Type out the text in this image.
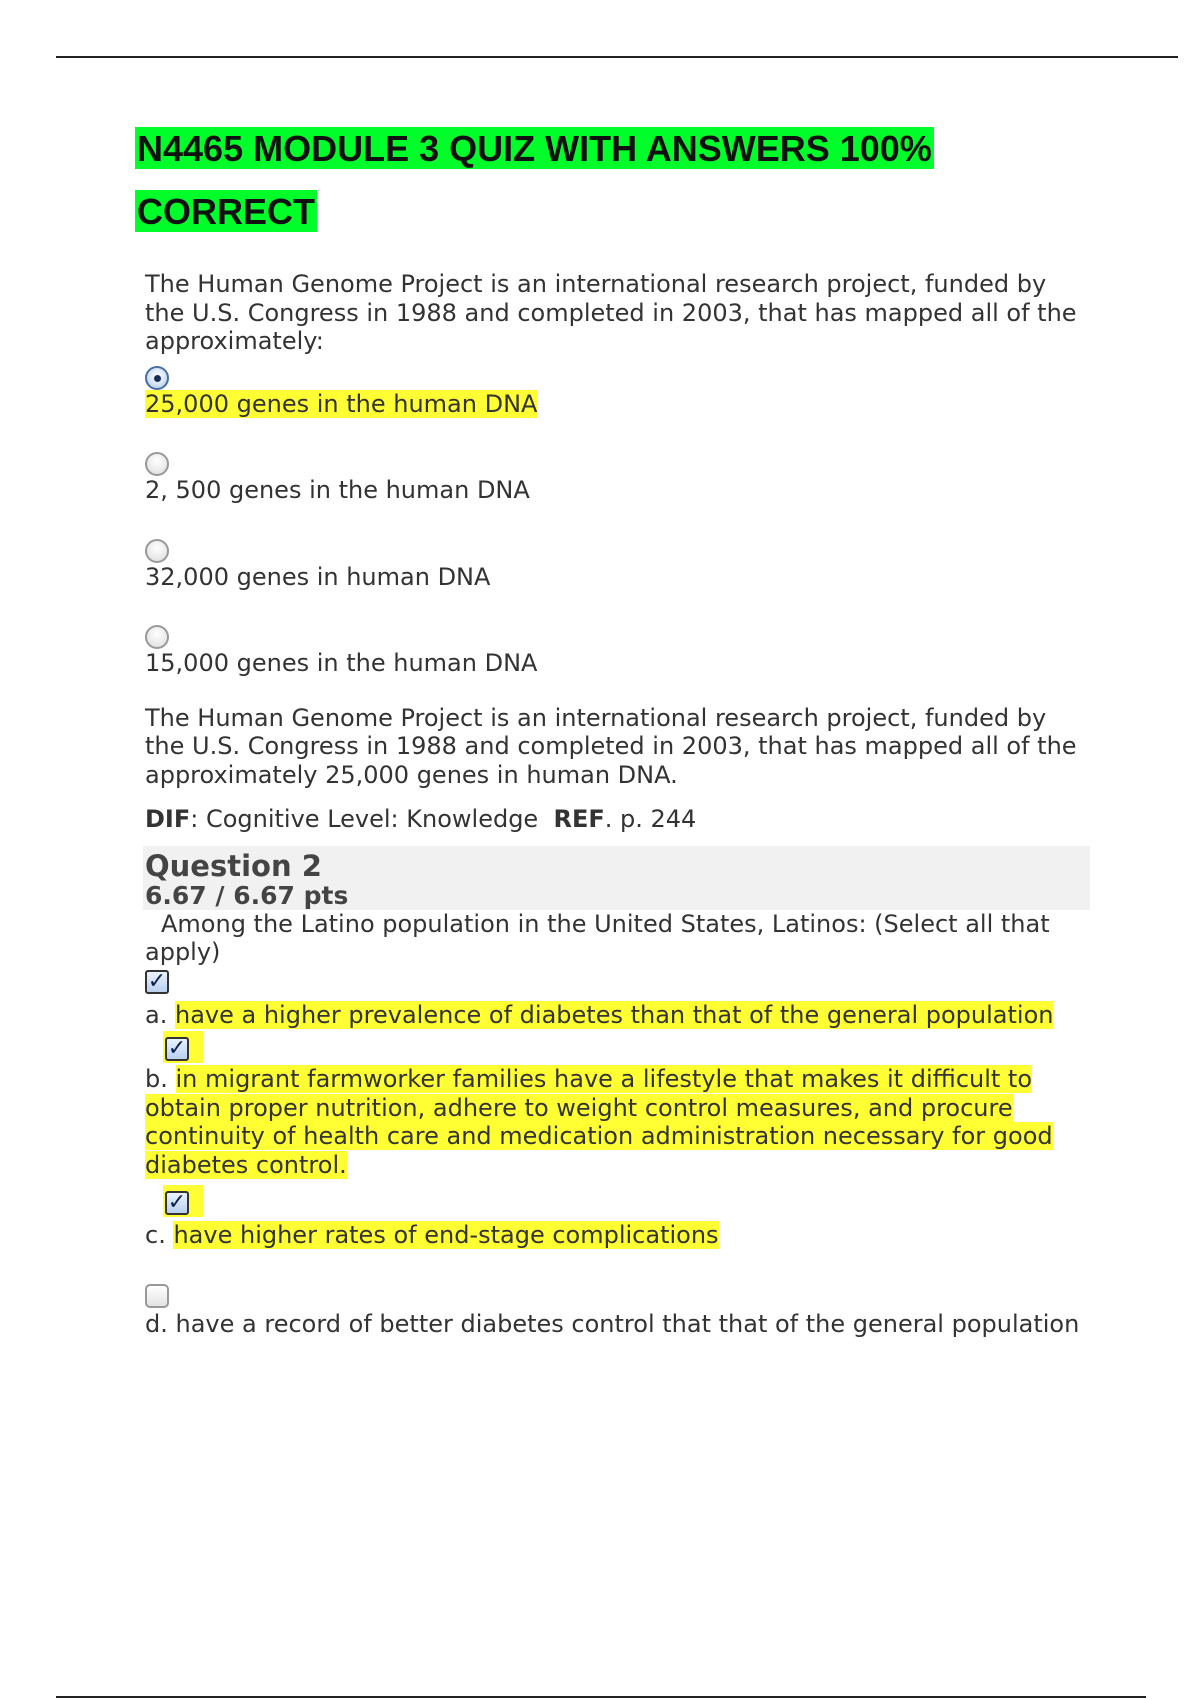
N4465 MODULE 3 QUIZ WITH ANSWERS 100%
CORRECT

The Human Genome Project is an international research project, funded by the U.S. Congress in 1988 and completed in 2003, that has mapped all of the approximately:

25,000 genes in the human DNA
2, 500 genes in the human DNA
32,000 genes in human DNA
15,000 genes in the human DNA

The Human Genome Project is an international research project, funded by the U.S. Congress in 1988 and completed in 2003, that has mapped all of the approximately 25,000 genes in human DNA.

DIF: Cognitive Level: Knowledge REF. p. 244

Question 2

6.67 / 6.67 pts

Among the Latino population in the United States, Latinos: (Select all that apply)

✓
a. have a higher prevalence of diabetes than that of the general population
✓
b. in migrant farmworker families have a lifestyle that makes it difficult to obtain proper nutrition, adhere to weight control measures, and procure continuity of health care and medication administration necessary for good diabetes control.
✓
c. have higher rates of end-stage complications
d. have a record of better diabetes control that that of the general population
